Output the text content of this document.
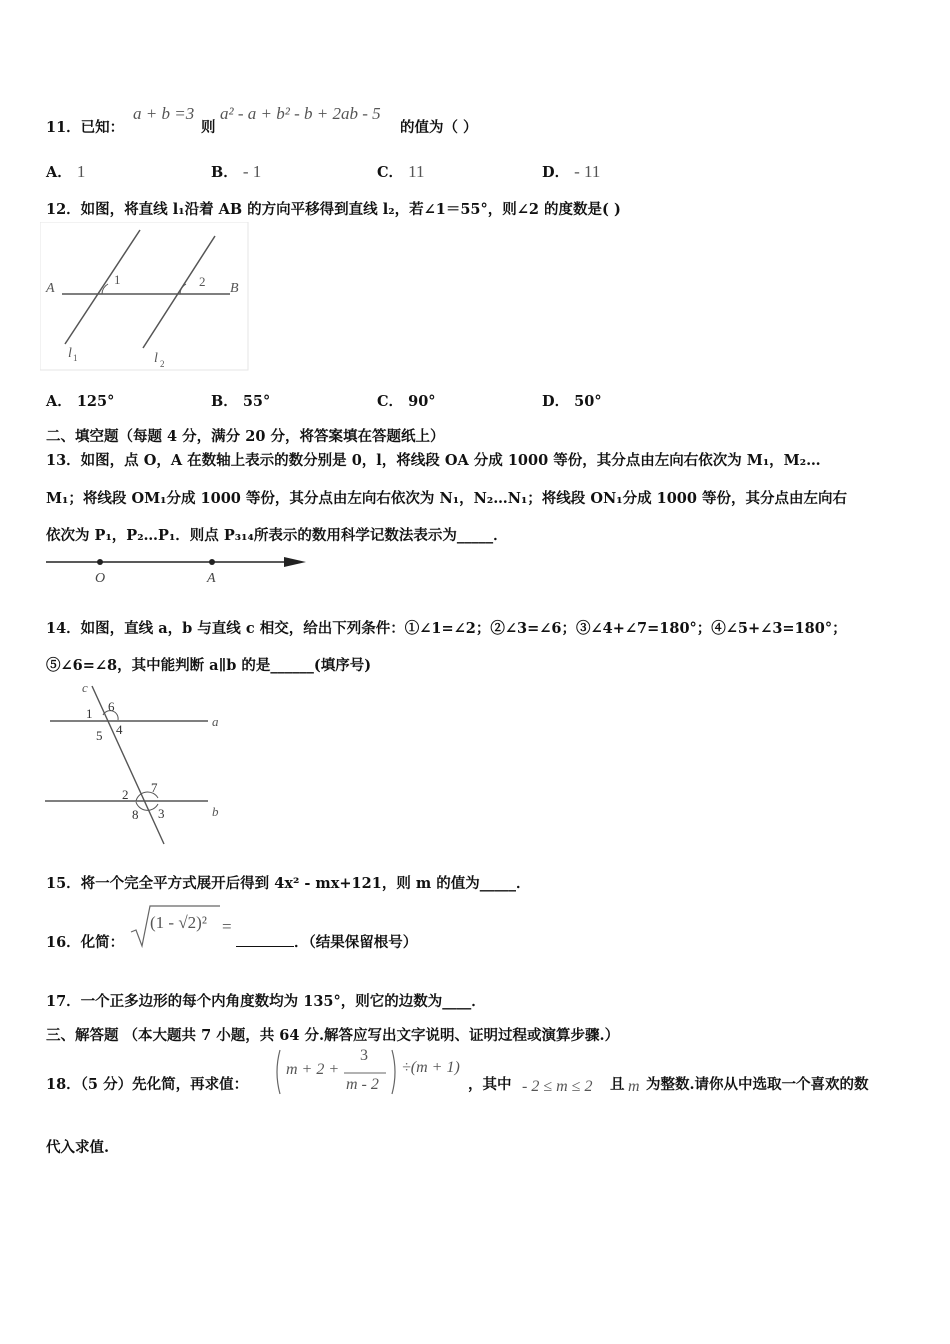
11．已知：
a + b =3
则
a² - a + b² - b + 2ab - 5
的值为（ ）
A． 1	B． - 1	C． 11	D． - 11
12．如图，将直线 l₁沿着 AB 的方向平移得到直线 l₂，若∠1＝55°，则∠2 的度数是( )
A	B
1	2
l 1	l 2
A． 125°	B． 55°	C． 90°	D． 50°
二、填空题（每题 4 分，满分 20 分，将答案填在答题纸上）
13．如图，点 O，A 在数轴上表示的数分别是 0，l，将线段 OA 分成 1000 等份，其分点由左向右依次为 M₁，M₂…
M₁；将线段 OM₁分成 1000 等份，其分点由左向右依次为 N₁，N₂…N₁；将线段 ON₁分成 1000 等份，其分点由左向右
依次为 P₁，P₂…P₁．则点 P₃₁₄所表示的数用科学记数法表示为_____．
O	A
14．如图，直线 a，b 与直线 c 相交，给出下列条件：①∠1=∠2；②∠3=∠6；③∠4+∠7=180°；④∠5+∠3=180°；
⑤∠6=∠8，其中能判断 a∥b 的是______(填序号)
c
a
b
1 6
5 4
2 7
8 3
15．将一个完全平方式展开后得到 4x² - mx+121，则 m 的值为_____．
16．化简：
(1 - √2)² =
．（结果保留根号）
17．一个正多边形的每个内角度数均为 135°，则它的边数为____．
三、解答题 （本大题共 7 小题，共 64 分.解答应写出文字说明、证明过程或演算步骤.）
18．（5 分）先化简，再求值：
m + 2 +
3
m - 2
÷(m + 1)
，其中 - 2 ≤ m ≤ 2 且 m 为整数.请你从中选取一个喜欢的数
代入求值.
